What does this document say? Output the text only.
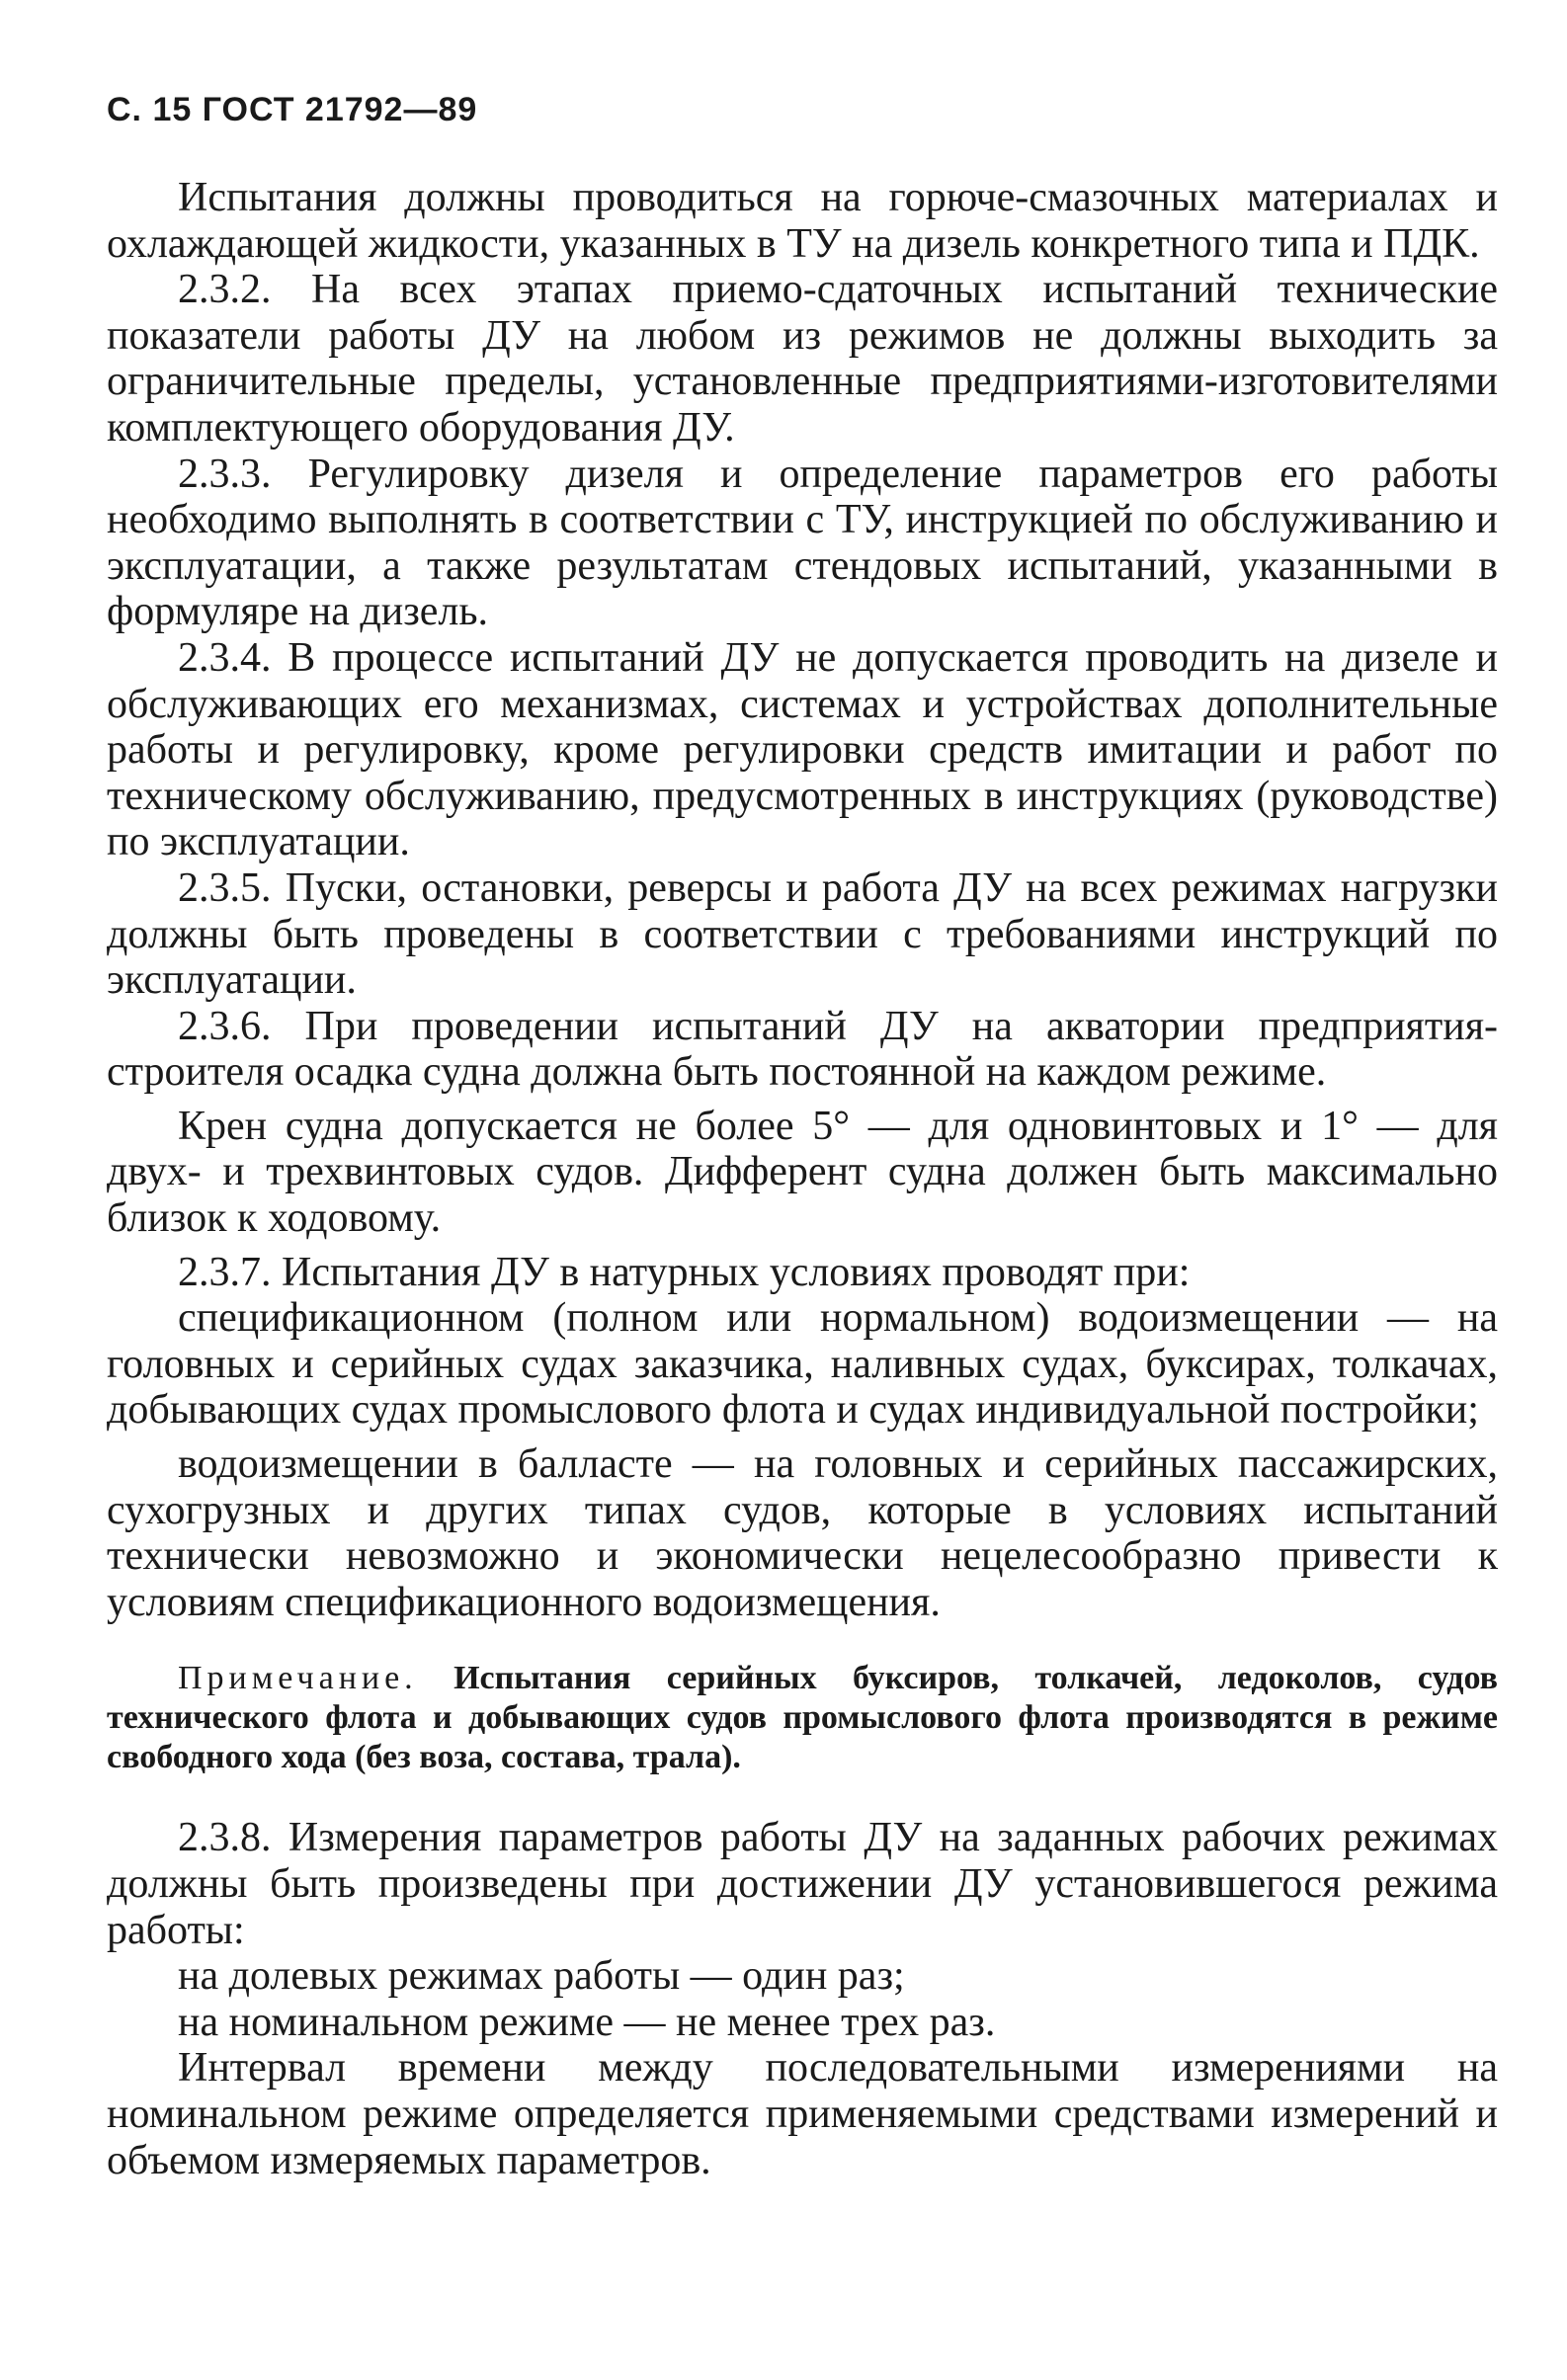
С. 15 ГОСТ 21792—89

Испытания должны проводиться на горюче-смазочных материалах и охлаждающей жидкости, указанных в ТУ на дизель конкретного типа и ПДК.

2.3.2. На всех этапах приемо-сдаточных испытаний технические показатели работы ДУ на любом из режимов не должны выходить за ограничительные пределы, установленные предприятиями-изготовителями комплектующего оборудования ДУ.

2.3.3. Регулировку дизеля и определение параметров его работы необходимо выполнять в соответствии с ТУ, инструкцией по обслуживанию и эксплуатации, а также результатам стендовых испытаний, указанными в формуляре на дизель.

2.3.4. В процессе испытаний ДУ не допускается проводить на дизеле и обслуживающих его механизмах, системах и устройствах дополнительные работы и регулировку, кроме регулировки средств имитации и работ по техническому обслуживанию, предусмотренных в инструкциях (руководстве) по эксплуатации.

2.3.5. Пуски, остановки, реверсы и работа ДУ на всех режимах нагрузки должны быть проведены в соответствии с требованиями инструкций по эксплуатации.

2.3.6. При проведении испытаний ДУ на акватории предприятия-строителя осадка судна должна быть постоянной на каждом режиме.

Крен судна допускается не более 5° — для одновинтовых и 1° — для двух- и трехвинтовых судов. Дифферент судна должен быть максимально близок к ходовому.

2.3.7. Испытания ДУ в натурных условиях проводят при:

спецификационном (полном или нормальном) водоизмещении — на головных и серийных судах заказчика, наливных судах, буксирах, толкачах, добывающих судах промыслового флота и судах индивидуальной постройки;

водоизмещении в балласте — на головных и серийных пассажирских, сухогрузных и других типах судов, которые в условиях испытаний технически невозможно и экономически нецелесообразно привести к условиям спецификационного водоизмещения.

Примечание. Испытания серийных буксиров, толкачей, ледоколов, судов технического флота и добывающих судов промыслового флота производятся в режиме свободного хода (без воза, состава, трала).

2.3.8. Измерения параметров работы ДУ на заданных рабочих режимах должны быть произведены при достижении ДУ установившегося режима работы:

на долевых режимах работы — один раз;

на номинальном режиме — не менее трех раз.

Интервал времени между последовательными измерениями на номинальном режиме определяется применяемыми средствами измерений и объемом измеряемых параметров.
